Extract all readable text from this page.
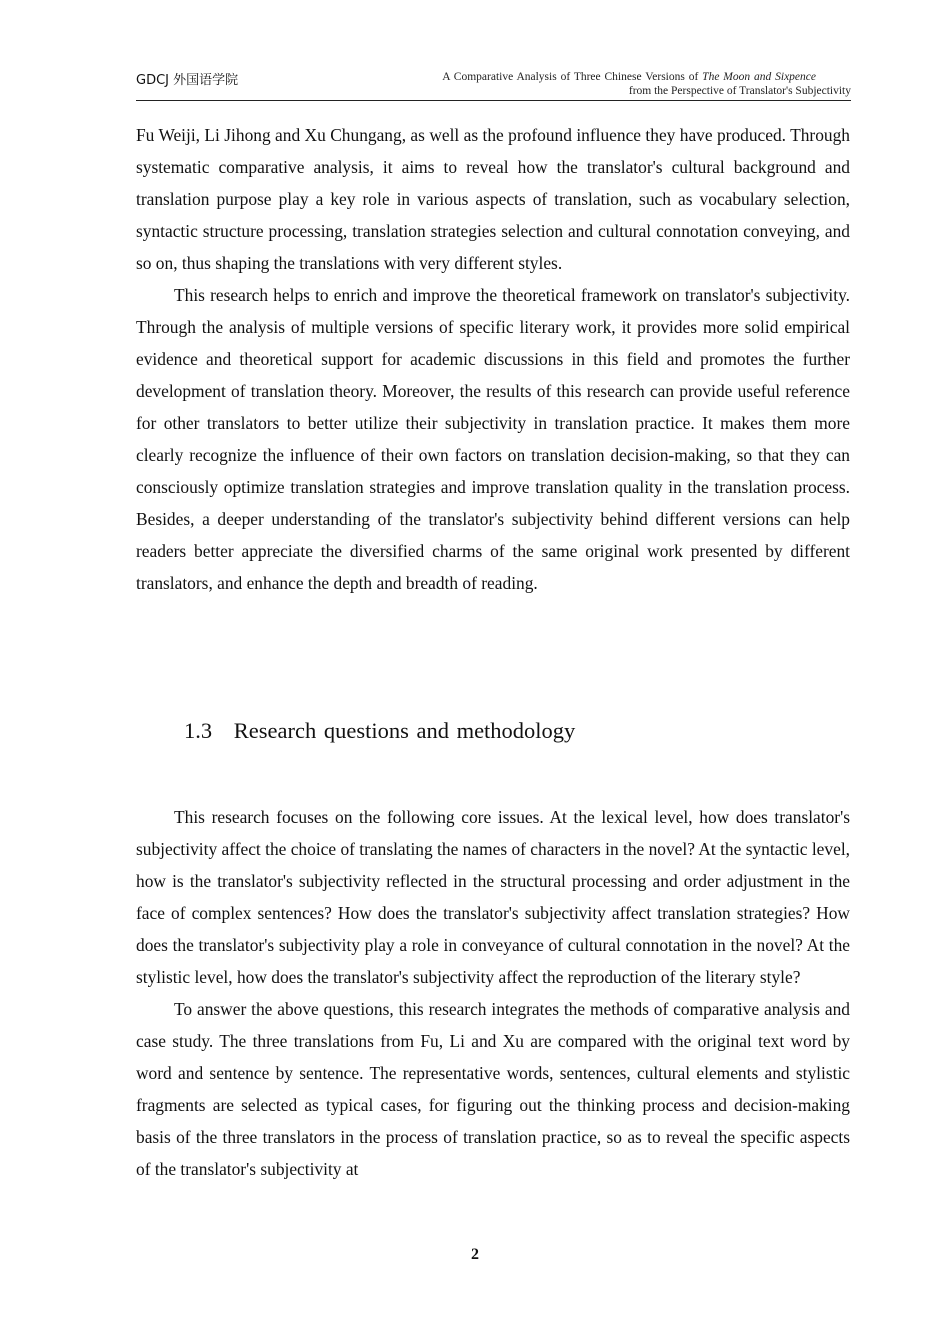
GDCJ 外国语学院	A Comparative Analysis of Three Chinese Versions of The Moon and Sixpence
from the Perspective of Translator's Subjectivity

Fu Weiji, Li Jihong and Xu Chungang, as well as the profound influence they have produced. Through systematic comparative analysis, it aims to reveal how the translator's cultural background and translation purpose play a key role in various aspects of translation, such as vocabulary selection, syntactic structure processing, translation strategies selection and cultural connotation conveying, and so on, thus shaping the translations with very different styles.

This research helps to enrich and improve the theoretical framework on translator's subjectivity. Through the analysis of multiple versions of specific literary work, it provides more solid empirical evidence and theoretical support for academic discussions in this field and promotes the further development of translation theory. Moreover, the results of this research can provide useful reference for other translators to better utilize their subjectivity in translation practice. It makes them more clearly recognize the influence of their own factors on translation decision-making, so that they can consciously optimize translation strategies and improve translation quality in the translation process. Besides, a deeper understanding of the translator's subjectivity behind different versions can help readers better appreciate the diversified charms of the same original work presented by different translators, and enhance the depth and breadth of reading.

1.3 Research questions and methodology

This research focuses on the following core issues. At the lexical level, how does translator's subjectivity affect the choice of translating the names of characters in the novel? At the syntactic level, how is the translator's subjectivity reflected in the structural processing and order adjustment in the face of complex sentences? How does the translator's subjectivity affect translation strategies? How does the translator's subjectivity play a role in conveyance of cultural connotation in the novel? At the stylistic level, how does the translator's subjectivity affect the reproduction of the literary style?

To answer the above questions, this research integrates the methods of comparative analysis and case study. The three translations from Fu, Li and Xu are compared with the original text word by word and sentence by sentence. The representative words, sentences, cultural elements and stylistic fragments are selected as typical cases, for figuring out the thinking process and decision-making basis of the three translators in the process of translation practice, so as to reveal the specific aspects of the translator's subjectivity at

2
